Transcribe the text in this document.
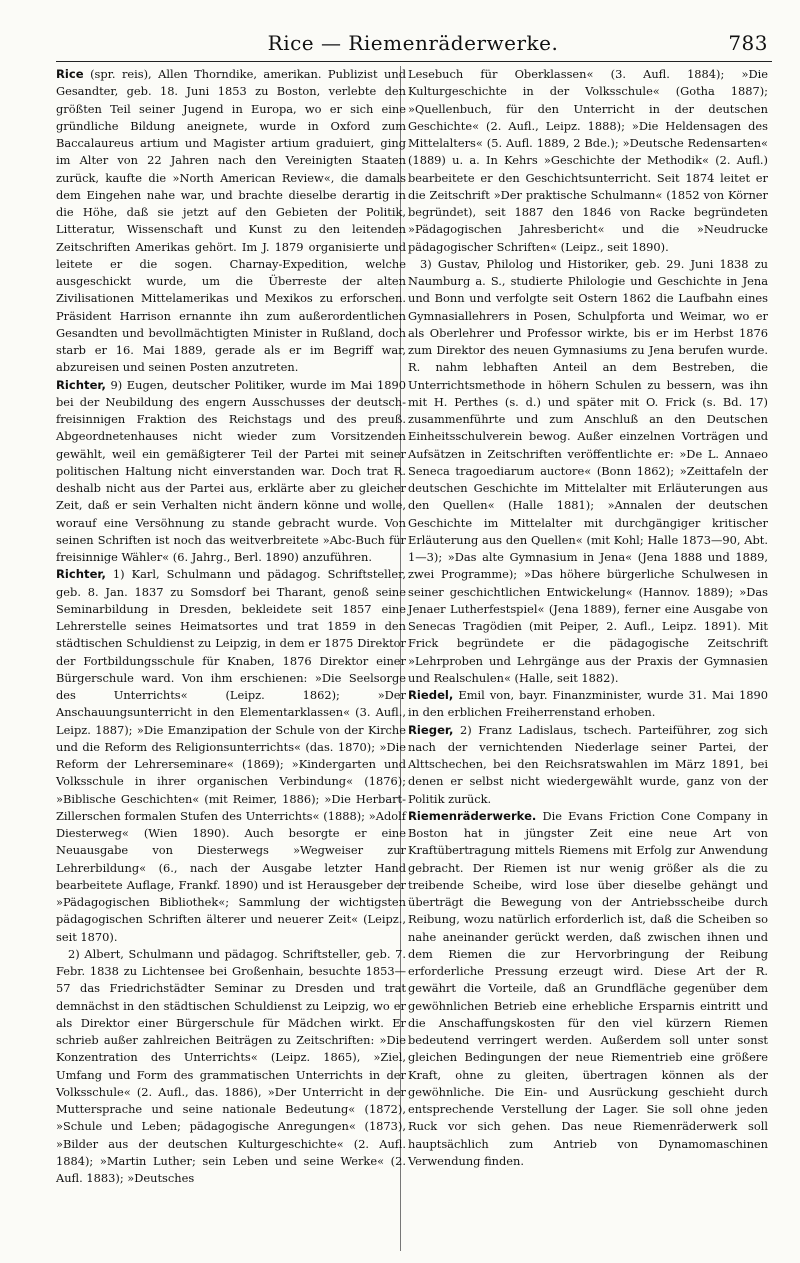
Rice — Riemenräderwerke.	783

Rice (spr. reis), Allen Thorndike, amerikan. Publizist und Gesandter, geb. 18. Juni 1853 zu Boston, verlebte den größten Teil seiner Jugend in Europa, wo er sich eine gründliche Bildung aneignete, wurde in Oxford zum Baccalaureus artium und Magister artium graduiert, ging im Alter von 22 Jahren nach den Vereinigten Staaten zurück, kaufte die »North American Review«, die damals dem Eingehen nahe war, und brachte dieselbe derartig in die Höhe, daß sie jetzt auf den Gebieten der Politik, Litteratur, Wissenschaft und Kunst zu den leitenden Zeitschriften Amerikas gehört. Im J. 1879 organisierte und leitete er die sogen. Charnay-Expedition, welche ausgeschickt wurde, um die Überreste der alten Zivilisationen Mittelamerikas und Mexikos zu erforschen. Präsident Harrison ernannte ihn zum außerordentlichen Gesandten und bevollmächtigten Minister in Rußland, doch starb er 16. Mai 1889, gerade als er im Begriff war, abzureisen und seinen Posten anzutreten.

Richter, 9) Eugen, deutscher Politiker, wurde im Mai 1890 bei der Neubildung des engern Ausschusses der deutsch-freisinnigen Fraktion des Reichstags und des preuß. Abgeordnetenhauses nicht wieder zum Vorsitzenden gewählt, weil ein gemäßigterer Teil der Partei mit seiner politischen Haltung nicht einverstanden war. Doch trat R. deshalb nicht aus der Partei aus, erklärte aber zu gleicher Zeit, daß er sein Verhalten nicht ändern könne und wolle, worauf eine Versöhnung zu stande gebracht wurde. Von seinen Schriften ist noch das weitverbreitete »Abc-Buch für freisinnige Wähler« (6. Jahrg., Berl. 1890) anzuführen.

Richter, 1) Karl, Schulmann und pädagog. Schriftsteller, geb. 8. Jan. 1837 zu Somsdorf bei Tharant, genoß seine Seminarbildung in Dresden, bekleidete seit 1857 eine Lehrerstelle seines Heimatsortes und trat 1859 in den städtischen Schuldienst zu Leipzig, in dem er 1875 Direktor der Fortbildungsschule für Knaben, 1876 Direktor einer Bürgerschule ward. Von ihm erschienen: »Die Seelsorge des Unterrichts« (Leipz. 1862); »Der Anschauungsunterricht in den Elementarklassen« (3. Aufl., Leipz. 1887); »Die Emanzipation der Schule von der Kirche und die Reform des Religionsunterrichts« (das. 1870); »Die Reform der Lehrerseminare« (1869); »Kindergarten und Volksschule in ihrer organischen Verbindung« (1876); »Biblische Geschichten« (mit Reimer, 1886); »Die Herbart-Zillerschen formalen Stufen des Unterrichts« (1888); »Adolf Diesterweg« (Wien 1890). Auch besorgte er eine Neuausgabe von Diesterwegs »Wegweiser zur Lehrerbildung« (6., nach der Ausgabe letzter Hand bearbeitete Auflage, Frankf. 1890) und ist Herausgeber der »Pädagogischen Bibliothek«; Sammlung der wichtigsten pädagogischen Schriften älterer und neuerer Zeit« (Leipz., seit 1870).

2) Albert, Schulmann und pädagog. Schriftsteller, geb. 7. Febr. 1838 zu Lichtensee bei Großenhain, besuchte 1853—57 das Friedrichstädter Seminar zu Dresden und trat demnächst in den städtischen Schuldienst zu Leipzig, wo er als Direktor einer Bürgerschule für Mädchen wirkt. Er schrieb außer zahlreichen Beiträgen zu Zeitschriften: »Die Konzentration des Unterrichts« (Leipz. 1865), »Ziel, Umfang und Form des grammatischen Unterrichts in der Volksschule« (2. Aufl., das. 1886), »Der Unterricht in der Muttersprache und seine nationale Bedeutung« (1872), »Schule und Leben; pädagogische Anregungen« (1873), »Bilder aus der deutschen Kulturgeschichte« (2. Aufl. 1884); »Martin Luther; sein Leben und seine Werke« (2. Aufl. 1883); »Deutsches

Lesebuch für Oberklassen« (3. Aufl. 1884); »Die Kulturgeschichte in der Volksschule« (Gotha 1887); »Quellenbuch, für den Unterricht in der deutschen Geschichte« (2. Aufl., Leipz. 1888); »Die Heldensagen des Mittelalters« (5. Aufl. 1889, 2 Bde.); »Deutsche Redensarten« (1889) u. a. In Kehrs »Geschichte der Methodik« (2. Aufl.) bearbeitete er den Geschichtsunterricht. Seit 1874 leitet er die Zeitschrift »Der praktische Schulmann« (1852 von Körner begründet), seit 1887 den 1846 von Racke begründeten »Pädagogischen Jahresbericht« und die »Neudrucke pädagogischer Schriften« (Leipz., seit 1890).

3) Gustav, Philolog und Historiker, geb. 29. Juni 1838 zu Naumburg a. S., studierte Philologie und Geschichte in Jena und Bonn und verfolgte seit Ostern 1862 die Laufbahn eines Gymnasiallehrers in Posen, Schulpforta und Weimar, wo er als Oberlehrer und Professor wirkte, bis er im Herbst 1876 zum Direktor des neuen Gymnasiums zu Jena berufen wurde. R. nahm lebhaften Anteil an dem Bestreben, die Unterrichtsmethode in höhern Schulen zu bessern, was ihn mit H. Perthes (s. d.) und später mit O. Frick (s. Bd. 17) zusammenführte und zum Anschluß an den Deutschen Einheitsschulverein bewog. Außer einzelnen Vorträgen und Aufsätzen in Zeitschriften veröffentlichte er: »De L. Annaeo Seneca tragoediarum auctore« (Bonn 1862); »Zeittafeln der deutschen Geschichte im Mittelalter mit Erläuterungen aus den Quellen« (Halle 1881); »Annalen der deutschen Geschichte im Mittelalter mit durchgängiger kritischer Erläuterung aus den Quellen« (mit Kohl; Halle 1873—90, Abt. 1—3); »Das alte Gymnasium in Jena« (Jena 1888 und 1889, zwei Programme); »Das höhere bürgerliche Schulwesen in seiner geschichtlichen Entwickelung« (Hannov. 1889); »Das Jenaer Lutherfestspiel« (Jena 1889), ferner eine Ausgabe von Senecas Tragödien (mit Peiper, 2. Aufl., Leipz. 1891). Mit Frick begründete er die pädagogische Zeitschrift »Lehrproben und Lehrgänge aus der Praxis der Gymnasien und Realschulen« (Halle, seit 1882).

Riedel, Emil von, bayr. Finanzminister, wurde 31. Mai 1890 in den erblichen Freiherrenstand erhoben.

Rieger, 2) Franz Ladislaus, tschech. Parteiführer, zog sich nach der vernichtenden Niederlage seiner Partei, der Alttschechen, bei den Reichsratswahlen im März 1891, bei denen er selbst nicht wiedergewählt wurde, ganz von der Politik zurück.

Riemenräderwerke. Die Evans Friction Cone Company in Boston hat in jüngster Zeit eine neue Art von Kraftübertragung mittels Riemens mit Erfolg zur Anwendung gebracht. Der Riemen ist nur wenig größer als die zu treibende Scheibe, wird lose über dieselbe gehängt und überträgt die Bewegung von der Antriebsscheibe durch Reibung, wozu natürlich erforderlich ist, daß die Scheiben so nahe aneinander gerückt werden, daß zwischen ihnen und dem Riemen die zur Hervorbringung der Reibung erforderliche Pressung erzeugt wird. Diese Art der R. gewährt die Vorteile, daß an Grundfläche gegenüber dem gewöhnlichen Betrieb eine erhebliche Ersparnis eintritt und die Anschaffungskosten für den viel kürzern Riemen bedeutend verringert werden. Außerdem soll unter sonst gleichen Bedingungen der neue Riementrieb eine größere Kraft, ohne zu gleiten, übertragen können als der gewöhnliche. Die Ein- und Ausrückung geschieht durch entsprechende Verstellung der Lager. Sie soll ohne jeden Ruck vor sich gehen. Das neue Riemenräderwerk soll hauptsächlich zum Antrieb von Dynamomaschinen Verwendung finden.
